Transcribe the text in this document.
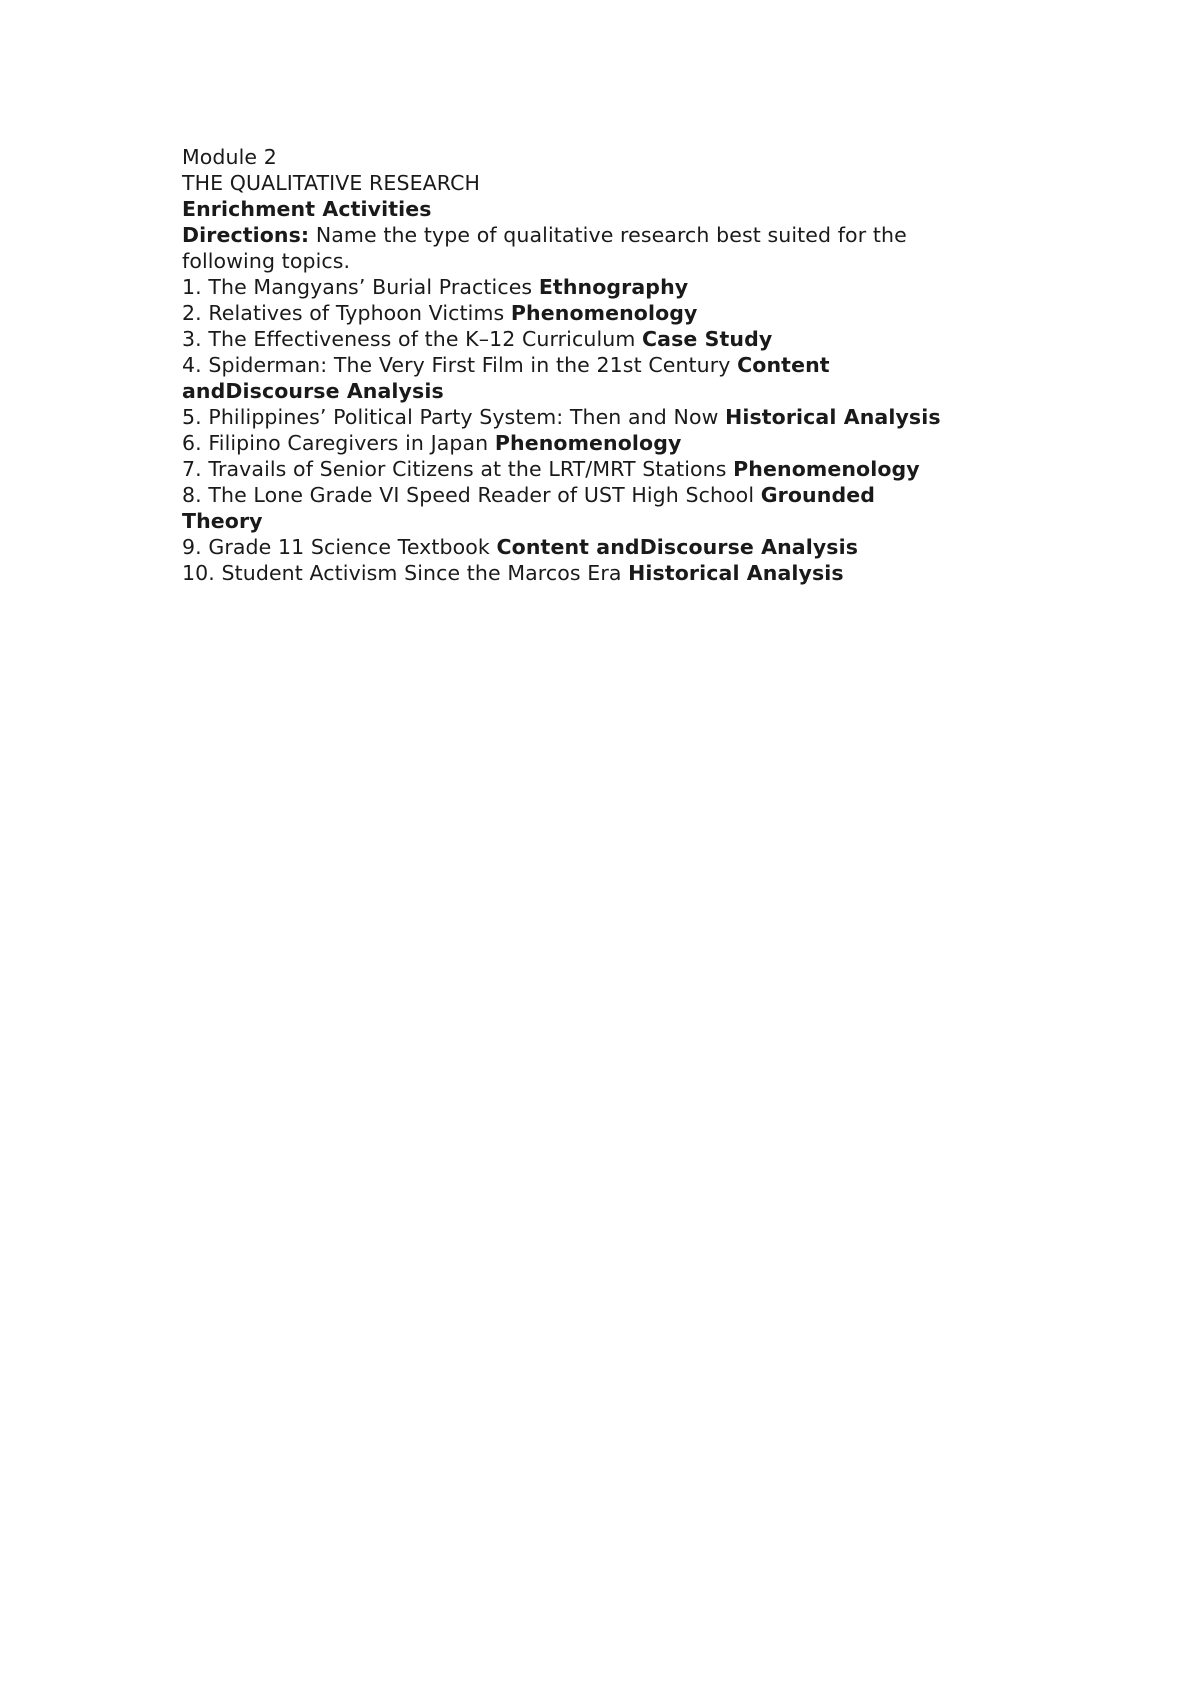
Module 2
THE QUALITATIVE RESEARCH
Enrichment Activities
Directions: Name the type of qualitative research best suited for the
following topics.
1. The Mangyans’ Burial Practices Ethnography
2. Relatives of Typhoon Victims Phenomenology
3. The Effectiveness of the K–12 Curriculum Case Study
4. Spiderman: The Very First Film in the 21st Century Content
andDiscourse Analysis
5. Philippines’ Political Party System: Then and Now Historical Analysis
6. Filipino Caregivers in Japan Phenomenology
7. Travails of Senior Citizens at the LRT/MRT Stations Phenomenology
8. The Lone Grade VI Speed Reader of UST High School Grounded
Theory
9. Grade 11 Science Textbook Content andDiscourse Analysis
10. Student Activism Since the Marcos Era Historical Analysis
